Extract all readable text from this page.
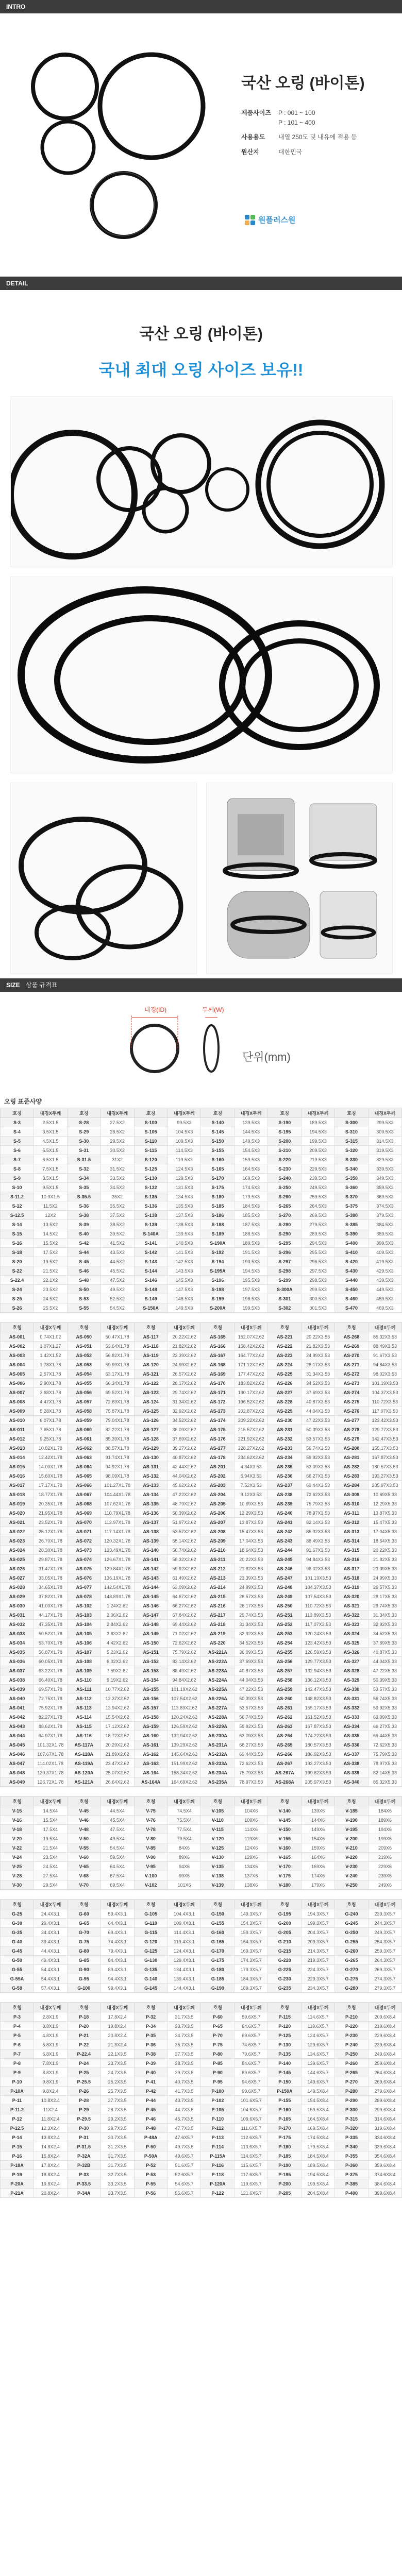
INTRO
국산 오링 (바이톤)
제품사이즈	P : 001 ~ 100
P : 101 ~ 400
사용용도	내열 250도 및 내유에 적용 등
원산지	대한민국
원플러스원
DETAIL
국산 오링 (바이톤)
국내 최대 오링 사이즈 보유!!
SIZE 상품 규격표
내경(ID)	두께(W)
단위(mm)
오링 표준사양
호칭	내경X두께	호칭	내경X두께	호칭	내경X두께	호칭	내경X두께	호칭	내경X두께	호칭	내경X두께
S-3	2.5X1.5	S-28	27.5X2	S-100	99.5X3	S-140	139.5X3	S-190	189.5X3	S-300	299.5X3
S-4	3.5X1.5	S-29	28.5X2	S-105	104.5X3	S-145	144.5X3	S-195	194.5X3	S-310	309.5X3
S-5	4.5X1.5	S-30	29.5X2	S-110	109.5X3	S-150	149.5X3	S-200	199.5X3	S-315	314.5X3
S-6	5.5X1.5	S-31	30.5X2	S-115	114.5X3	S-155	154.5X3	S-210	209.5X3	S-320	319.5X3
S-7	6.5X1.5	S-31.5	31X2	S-120	119.5X3	S-160	159.5X3	S-220	219.5X3	S-330	329.5X3
S-8	7.5X1.5	S-32	31.5X2	S-125	124.5X3	S-165	164.5X3	S-230	229.5X3	S-340	339.5X3
S-9	8.5X1.5	S-34	33.5X2	S-130	129.5X3	S-170	169.5X3	S-240	239.5X3	S-350	349.5X3
S-10	9.5X1.5	S-35	34.5X2	S-132	131.5X3	S-175	174.5X3	S-250	249.5X3	S-360	359.5X3
S-11.2	10.9X1.5	S-35.5	35X2	S-135	134.5X3	S-180	179.5X3	S-260	259.5X3	S-370	369.5X3
S-12	11.5X2	S-36	35.5X2	S-136	135.5X3	S-185	184.5X3	S-265	264.5X3	S-375	374.5X3
S-12.5	12X2	S-38	37.5X2	S-138	137.5X3	S-186	185.5X3	S-270	269.5X3	S-380	379.5X3
S-14	13.5X2	S-39	38.5X2	S-139	138.5X3	S-188	187.5X3	S-280	279.5X3	S-385	384.5X3
S-15	14.5X2	S-40	39.5X2	S-140A	139.5X3	S-189	188.5X3	S-290	289.5X3	S-390	389.5X3
S-16	15.5X2	S-42	41.5X2	S-141	140.5X3	S-190A	189.5X3	S-295	294.5X3	S-400	399.5X3
S-18	17.5X2	S-44	43.5X2	S-142	141.5X3	S-192	191.5X3	S-296	295.5X3	S-410	409.5X3
S-20	19.5X2	S-45	44.5X2	S-143	142.5X3	S-194	193.5X3	S-297	296.5X3	S-420	419.5X3
S-22	21.5X2	S-46	45.5X2	S-144	143.5X3	S-195A	194.5X3	S-298	297.5X3	S-430	429.5X3
S-22.4	22.1X2	S-48	47.5X2	S-146	145.5X3	S-196	195.5X3	S-299	298.5X3	S-440	439.5X3
S-24	23.5X2	S-50	49.5X2	S-148	147.5X3	S-198	197.5X3	S-300A	299.5X3	S-450	449.5X3
S-25	24.5X2	S-53	52.5X2	S-149	148.5X3	S-199	198.5X3	S-301	300.5X3	S-460	459.5X3
S-26	25.5X2	S-55	54.5X2	S-150A	149.5X3	S-200A	199.5X3	S-302	301.5X3	S-470	469.5X3
호칭	내경X두께	호칭	내경X두께	호칭	내경X두께	호칭	내경X두께	호칭	내경X두께	호칭	내경X두께
AS-001	0.74X1.02	AS-050	50.47X1.78	AS-117	20.22X2.62	AS-165	152.07X2.62	AS-221	20.22X3.53	AS-268	85.32X3.53
AS-002	1.07X1.27	AS-051	53.64X1.78	AS-118	21.82X2.62	AS-166	158.42X2.62	AS-222	21.82X3.53	AS-269	88.49X3.53
AS-003	1.42X1.52	AS-052	56.82X1.78	AS-119	23.39X2.62	AS-167	164.77X2.62	AS-223	24.99X3.53	AS-270	91.67X3.53
AS-004	1.78X1.78	AS-053	59.99X1.78	AS-120	24.99X2.62	AS-168	171.12X2.62	AS-224	28.17X3.53	AS-271	94.84X3.53
AS-005	2.57X1.78	AS-054	63.17X1.78	AS-121	26.57X2.62	AS-169	177.47X2.62	AS-225	31.34X3.53	AS-272	98.02X3.53
AS-006	2.90X1.78	AS-055	66.34X1.78	AS-122	28.17X2.62	AS-170	183.82X2.62	AS-226	34.52X3.53	AS-273	101.19X3.53
AS-007	3.68X1.78	AS-056	69.52X1.78	AS-123	29.74X2.62	AS-171	190.17X2.62	AS-227	37.69X3.53	AS-274	104.37X3.53
AS-008	4.47X1.78	AS-057	72.69X1.78	AS-124	31.34X2.62	AS-172	196.52X2.62	AS-228	40.87X3.53	AS-275	110.72X3.53
AS-009	5.28X1.78	AS-058	75.87X1.78	AS-125	32.92X2.62	AS-173	202.87X2.62	AS-229	44.04X3.53	AS-276	117.07X3.53
AS-010	6.07X1.78	AS-059	79.04X1.78	AS-126	34.52X2.62	AS-174	209.22X2.62	AS-230	47.22X3.53	AS-277	123.42X3.53
AS-011	7.65X1.78	AS-060	82.22X1.78	AS-127	36.09X2.62	AS-175	215.57X2.62	AS-231	50.39X3.53	AS-278	129.77X3.53
AS-012	9.25X1.78	AS-061	85.39X1.78	AS-128	37.69X2.62	AS-176	221.92X2.62	AS-232	53.57X3.53	AS-279	142.47X3.53
AS-013	10.82X1.78	AS-062	88.57X1.78	AS-129	39.27X2.62	AS-177	228.27X2.62	AS-233	56.74X3.53	AS-280	155.17X3.53
AS-014	12.42X1.78	AS-063	91.74X1.78	AS-130	40.87X2.62	AS-178	234.62X2.62	AS-234	59.92X3.53	AS-281	167.87X3.53
AS-015	14.00X1.78	AS-064	94.92X1.78	AS-131	42.44X2.62	AS-201	4.34X3.53	AS-235	63.09X3.53	AS-282	180.57X3.53
AS-016	15.60X1.78	AS-065	98.09X1.78	AS-132	44.04X2.62	AS-202	5.94X3.53	AS-236	66.27X3.53	AS-283	193.27X3.53
AS-017	17.17X1.78	AS-066	101.27X1.78	AS-133	45.62X2.62	AS-203	7.52X3.53	AS-237	69.44X3.53	AS-284	205.97X3.53
AS-018	18.77X1.78	AS-067	104.44X1.78	AS-134	47.22X2.62	AS-204	9.12X3.53	AS-238	72.62X3.53	AS-309	10.69X5.33
AS-019	20.35X1.78	AS-068	107.62X1.78	AS-135	48.79X2.62	AS-205	10.69X3.53	AS-239	75.79X3.53	AS-310	12.29X5.33
AS-020	21.95X1.78	AS-069	110.79X1.78	AS-136	50.39X2.62	AS-206	12.29X3.53	AS-240	78.97X3.53	AS-311	13.87X5.33
AS-021	23.52X1.78	AS-070	113.97X1.78	AS-137	51.97X2.62	AS-207	13.87X3.53	AS-241	82.14X3.53	AS-312	15.47X5.33
AS-022	25.12X1.78	AS-071	117.14X1.78	AS-138	53.57X2.62	AS-208	15.47X3.53	AS-242	85.32X3.53	AS-313	17.04X5.33
AS-023	26.70X1.78	AS-072	120.32X1.78	AS-139	55.14X2.62	AS-209	17.04X3.53	AS-243	88.49X3.53	AS-314	18.64X5.33
AS-024	28.30X1.78	AS-073	123.49X1.78	AS-140	56.74X2.62	AS-210	18.64X3.53	AS-244	91.67X3.53	AS-315	20.22X5.33
AS-025	29.87X1.78	AS-074	126.67X1.78	AS-141	58.32X2.62	AS-211	20.22X3.53	AS-245	94.84X3.53	AS-316	21.82X5.33
AS-026	31.47X1.78	AS-075	129.84X1.78	AS-142	59.92X2.62	AS-212	21.82X3.53	AS-246	98.02X3.53	AS-317	23.39X5.33
AS-027	33.05X1.78	AS-076	136.19X1.78	AS-143	61.49X2.62	AS-213	23.39X3.53	AS-247	101.19X3.53	AS-318	24.99X5.33
AS-028	34.65X1.78	AS-077	142.54X1.78	AS-144	63.09X2.62	AS-214	24.99X3.53	AS-248	104.37X3.53	AS-319	26.57X5.33
AS-029	37.82X1.78	AS-078	148.89X1.78	AS-145	64.67X2.62	AS-215	26.57X3.53	AS-249	107.54X3.53	AS-320	28.17X5.33
AS-030	41.00X1.78	AS-102	1.24X2.62	AS-146	66.27X2.62	AS-216	28.17X3.53	AS-250	110.72X3.53	AS-321	29.74X5.33
AS-031	44.17X1.78	AS-103	2.06X2.62	AS-147	67.84X2.62	AS-217	29.74X3.53	AS-251	113.89X3.53	AS-322	31.34X5.33
AS-032	47.35X1.78	AS-104	2.84X2.62	AS-148	69.44X2.62	AS-218	31.34X3.53	AS-252	117.07X3.53	AS-323	32.92X5.33
AS-033	50.52X1.78	AS-105	3.63X2.62	AS-149	71.02X2.62	AS-219	32.92X3.53	AS-253	120.24X3.53	AS-324	34.52X5.33
AS-034	53.70X1.78	AS-106	4.42X2.62	AS-150	72.62X2.62	AS-220	34.52X3.53	AS-254	123.42X3.53	AS-325	37.69X5.33
AS-035	56.87X1.78	AS-107	5.23X2.62	AS-151	75.79X2.62	AS-221A	36.09X3.53	AS-255	126.59X3.53	AS-326	40.87X5.33
AS-036	60.05X1.78	AS-108	6.02X2.62	AS-152	82.14X2.62	AS-222A	37.69X3.53	AS-256	129.77X3.53	AS-327	44.04X5.33
AS-037	63.22X1.78	AS-109	7.59X2.62	AS-153	88.49X2.62	AS-223A	40.87X3.53	AS-257	132.94X3.53	AS-328	47.22X5.33
AS-038	66.40X1.78	AS-110	9.19X2.62	AS-154	94.84X2.62	AS-224A	44.04X3.53	AS-258	136.12X3.53	AS-329	50.39X5.33
AS-039	69.57X1.78	AS-111	10.77X2.62	AS-155	101.19X2.62	AS-225A	47.22X3.53	AS-259	142.47X3.53	AS-330	53.57X5.33
AS-040	72.75X1.78	AS-112	12.37X2.62	AS-156	107.54X2.62	AS-226A	50.39X3.53	AS-260	148.82X3.53	AS-331	56.74X5.33
AS-041	75.92X1.78	AS-113	13.94X2.62	AS-157	113.89X2.62	AS-227A	53.57X3.53	AS-261	155.17X3.53	AS-332	59.92X5.33
AS-042	82.27X1.78	AS-114	15.54X2.62	AS-158	120.24X2.62	AS-228A	56.74X3.53	AS-262	161.52X3.53	AS-333	63.09X5.33
AS-043	88.62X1.78	AS-115	17.12X2.62	AS-159	126.59X2.62	AS-229A	59.92X3.53	AS-263	167.87X3.53	AS-334	66.27X5.33
AS-044	94.97X1.78	AS-116	18.72X2.62	AS-160	132.94X2.62	AS-230A	63.09X3.53	AS-264	174.22X3.53	AS-335	69.44X5.33
AS-045	101.32X1.78	AS-117A	20.29X2.62	AS-161	139.29X2.62	AS-231A	66.27X3.53	AS-265	180.57X3.53	AS-336	72.62X5.33
AS-046	107.67X1.78	AS-118A	21.89X2.62	AS-162	145.64X2.62	AS-232A	69.44X3.53	AS-266	186.92X3.53	AS-337	75.79X5.33
AS-047	114.02X1.78	AS-119A	23.47X2.62	AS-163	151.99X2.62	AS-233A	72.62X3.53	AS-267	193.27X3.53	AS-338	78.97X5.33
AS-048	120.37X1.78	AS-120A	25.07X2.62	AS-164	158.34X2.62	AS-234A	75.79X3.53	AS-267A	199.62X3.53	AS-339	82.14X5.33
AS-049	126.72X1.78	AS-121A	26.64X2.62	AS-164A	164.69X2.62	AS-235A	78.97X3.53	AS-268A	205.97X3.53	AS-340	85.32X5.33
호칭	내경X두께	호칭	내경X두께	호칭	내경X두께	호칭	내경X두께	호칭	내경X두께	호칭	내경X두께
V-15	14.5X4	V-45	44.5X4	V-75	74.5X4	V-105	104X6	V-140	139X6	V-185	184X6
V-16	15.5X4	V-46	45.5X4	V-76	75.5X4	V-110	109X6	V-145	144X6	V-190	189X6
V-18	17.5X4	V-48	47.5X4	V-78	77.5X4	V-115	114X6	V-150	149X6	V-195	194X6
V-20	19.5X4	V-50	49.5X4	V-80	79.5X4	V-120	119X6	V-155	154X6	V-200	199X6
V-22	21.5X4	V-55	54.5X4	V-85	84X6	V-125	124X6	V-160	159X6	V-210	209X6
V-24	23.5X4	V-60	59.5X4	V-90	89X6	V-130	129X6	V-165	164X6	V-220	219X6
V-25	24.5X4	V-65	64.5X4	V-95	94X6	V-135	134X6	V-170	169X6	V-230	229X6
V-28	27.5X4	V-68	67.5X4	V-100	99X6	V-138	137X6	V-175	174X6	V-240	239X6
V-30	29.5X4	V-70	69.5X4	V-102	101X6	V-139	138X6	V-180	179X6	V-250	249X6
호칭	내경X두께	호칭	내경X두께	호칭	내경X두께	호칭	내경X두께	호칭	내경X두께	호칭	내경X두께
G-25	24.4X3.1	G-60	59.4X3.1	G-105	104.4X3.1	G-150	149.3X5.7	G-195	194.3X5.7	G-240	239.3X5.7
G-30	29.4X3.1	G-65	64.4X3.1	G-110	109.4X3.1	G-155	154.3X5.7	G-200	199.3X5.7	G-245	244.3X5.7
G-35	34.4X3.1	G-70	69.4X3.1	G-115	114.4X3.1	G-160	159.3X5.7	G-205	204.3X5.7	G-250	249.3X5.7
G-40	39.4X3.1	G-75	74.4X3.1	G-120	119.4X3.1	G-165	164.3X5.7	G-210	209.3X5.7	G-255	254.3X5.7
G-45	44.4X3.1	G-80	79.4X3.1	G-125	124.4X3.1	G-170	169.3X5.7	G-215	214.3X5.7	G-260	259.3X5.7
G-50	49.4X3.1	G-85	84.4X3.1	G-130	129.4X3.1	G-175	174.3X5.7	G-220	219.3X5.7	G-265	264.3X5.7
G-55	54.4X3.1	G-90	89.4X3.1	G-135	134.4X3.1	G-180	179.3X5.7	G-225	224.3X5.7	G-270	269.3X5.7
G-55A	54.4X3.1	G-95	94.4X3.1	G-140	139.4X3.1	G-185	184.3X5.7	G-230	229.3X5.7	G-275	274.3X5.7
G-58	57.4X3.1	G-100	99.4X3.1	G-145	144.4X3.1	G-190	189.3X5.7	G-235	234.3X5.7	G-280	279.3X5.7
호칭	내경X두께	호칭	내경X두께	호칭	내경X두께	호칭	내경X두께	호칭	내경X두께	호칭	내경X두께
P-3	2.8X1.9	P-18	17.8X2.4	P-32	31.7X3.5	P-60	59.6X5.7	P-115	114.6X5.7	P-210	209.6X8.4
P-4	3.8X1.9	P-20	19.8X2.4	P-34	33.7X3.5	P-65	64.6X5.7	P-120	119.6X5.7	P-220	219.6X8.4
P-5	4.8X1.9	P-21	20.8X2.4	P-35	34.7X3.5	P-70	69.6X5.7	P-125	124.6X5.7	P-230	229.6X8.4
P-6	5.8X1.9	P-22	21.8X2.4	P-36	35.7X3.5	P-75	74.6X5.7	P-130	129.6X5.7	P-240	239.6X8.4
P-7	6.8X1.9	P-22.4	22.1X3.5	P-38	37.7X3.5	P-80	79.6X5.7	P-135	134.6X5.7	P-250	249.6X8.4
P-8	7.8X1.9	P-24	23.7X3.5	P-39	38.7X3.5	P-85	84.6X5.7	P-140	139.6X5.7	P-260	259.6X8.4
P-9	8.8X1.9	P-25	24.7X3.5	P-40	39.7X3.5	P-90	89.6X5.7	P-145	144.6X5.7	P-265	264.6X8.4
P-10	9.8X1.9	P-25.5	25.2X3.5	P-41	40.7X3.5	P-95	94.6X5.7	P-150	149.6X5.7	P-270	269.6X8.4
P-10A	9.8X2.4	P-26	25.7X3.5	P-42	41.7X3.5	P-100	99.6X5.7	P-150A	149.5X8.4	P-280	279.6X8.4
P-11	10.8X2.4	P-28	27.7X3.5	P-44	43.7X3.5	P-102	101.6X5.7	P-155	154.5X8.4	P-290	289.6X8.4
P-11.2	11X2.4	P-29	28.7X3.5	P-45	44.7X3.5	P-105	104.6X5.7	P-160	159.5X8.4	P-300	299.6X8.4
P-12	11.8X2.4	P-29.5	29.2X3.5	P-46	45.7X3.5	P-110	109.6X5.7	P-165	164.5X8.4	P-315	314.6X8.4
P-12.5	12.3X2.4	P-30	29.7X3.5	P-48	47.7X3.5	P-112	111.6X5.7	P-170	169.5X8.4	P-320	319.6X8.4
P-14	13.8X2.4	P-31	30.7X3.5	P-48A	47.6X5.7	P-113	112.6X5.7	P-175	174.5X8.4	P-335	334.6X8.4
P-15	14.8X2.4	P-31.5	31.2X3.5	P-50	49.7X3.5	P-114	113.6X5.7	P-180	179.5X8.4	P-340	339.6X8.4
P-16	15.8X2.4	P-32A	31.7X3.5	P-50A	49.6X5.7	P-115A	114.6X5.7	P-185	184.5X8.4	P-355	354.6X8.4
P-18A	17.8X2.4	P-32B	31.7X3.5	P-52	51.6X5.7	P-116	115.6X5.7	P-190	189.5X8.4	P-360	359.6X8.4
P-19	18.8X2.4	P-33	32.7X3.5	P-53	52.6X5.7	P-118	117.6X5.7	P-195	194.5X8.4	P-375	374.6X8.4
P-20A	19.8X2.4	P-33.5	33.2X3.5	P-55	54.6X5.7	P-120A	119.6X5.7	P-200	199.5X8.4	P-385	384.6X8.4
P-21A	20.8X2.4	P-34A	33.7X3.5	P-56	55.6X5.7	P-122	121.6X5.7	P-205	204.5X8.4	P-400	399.6X8.4
